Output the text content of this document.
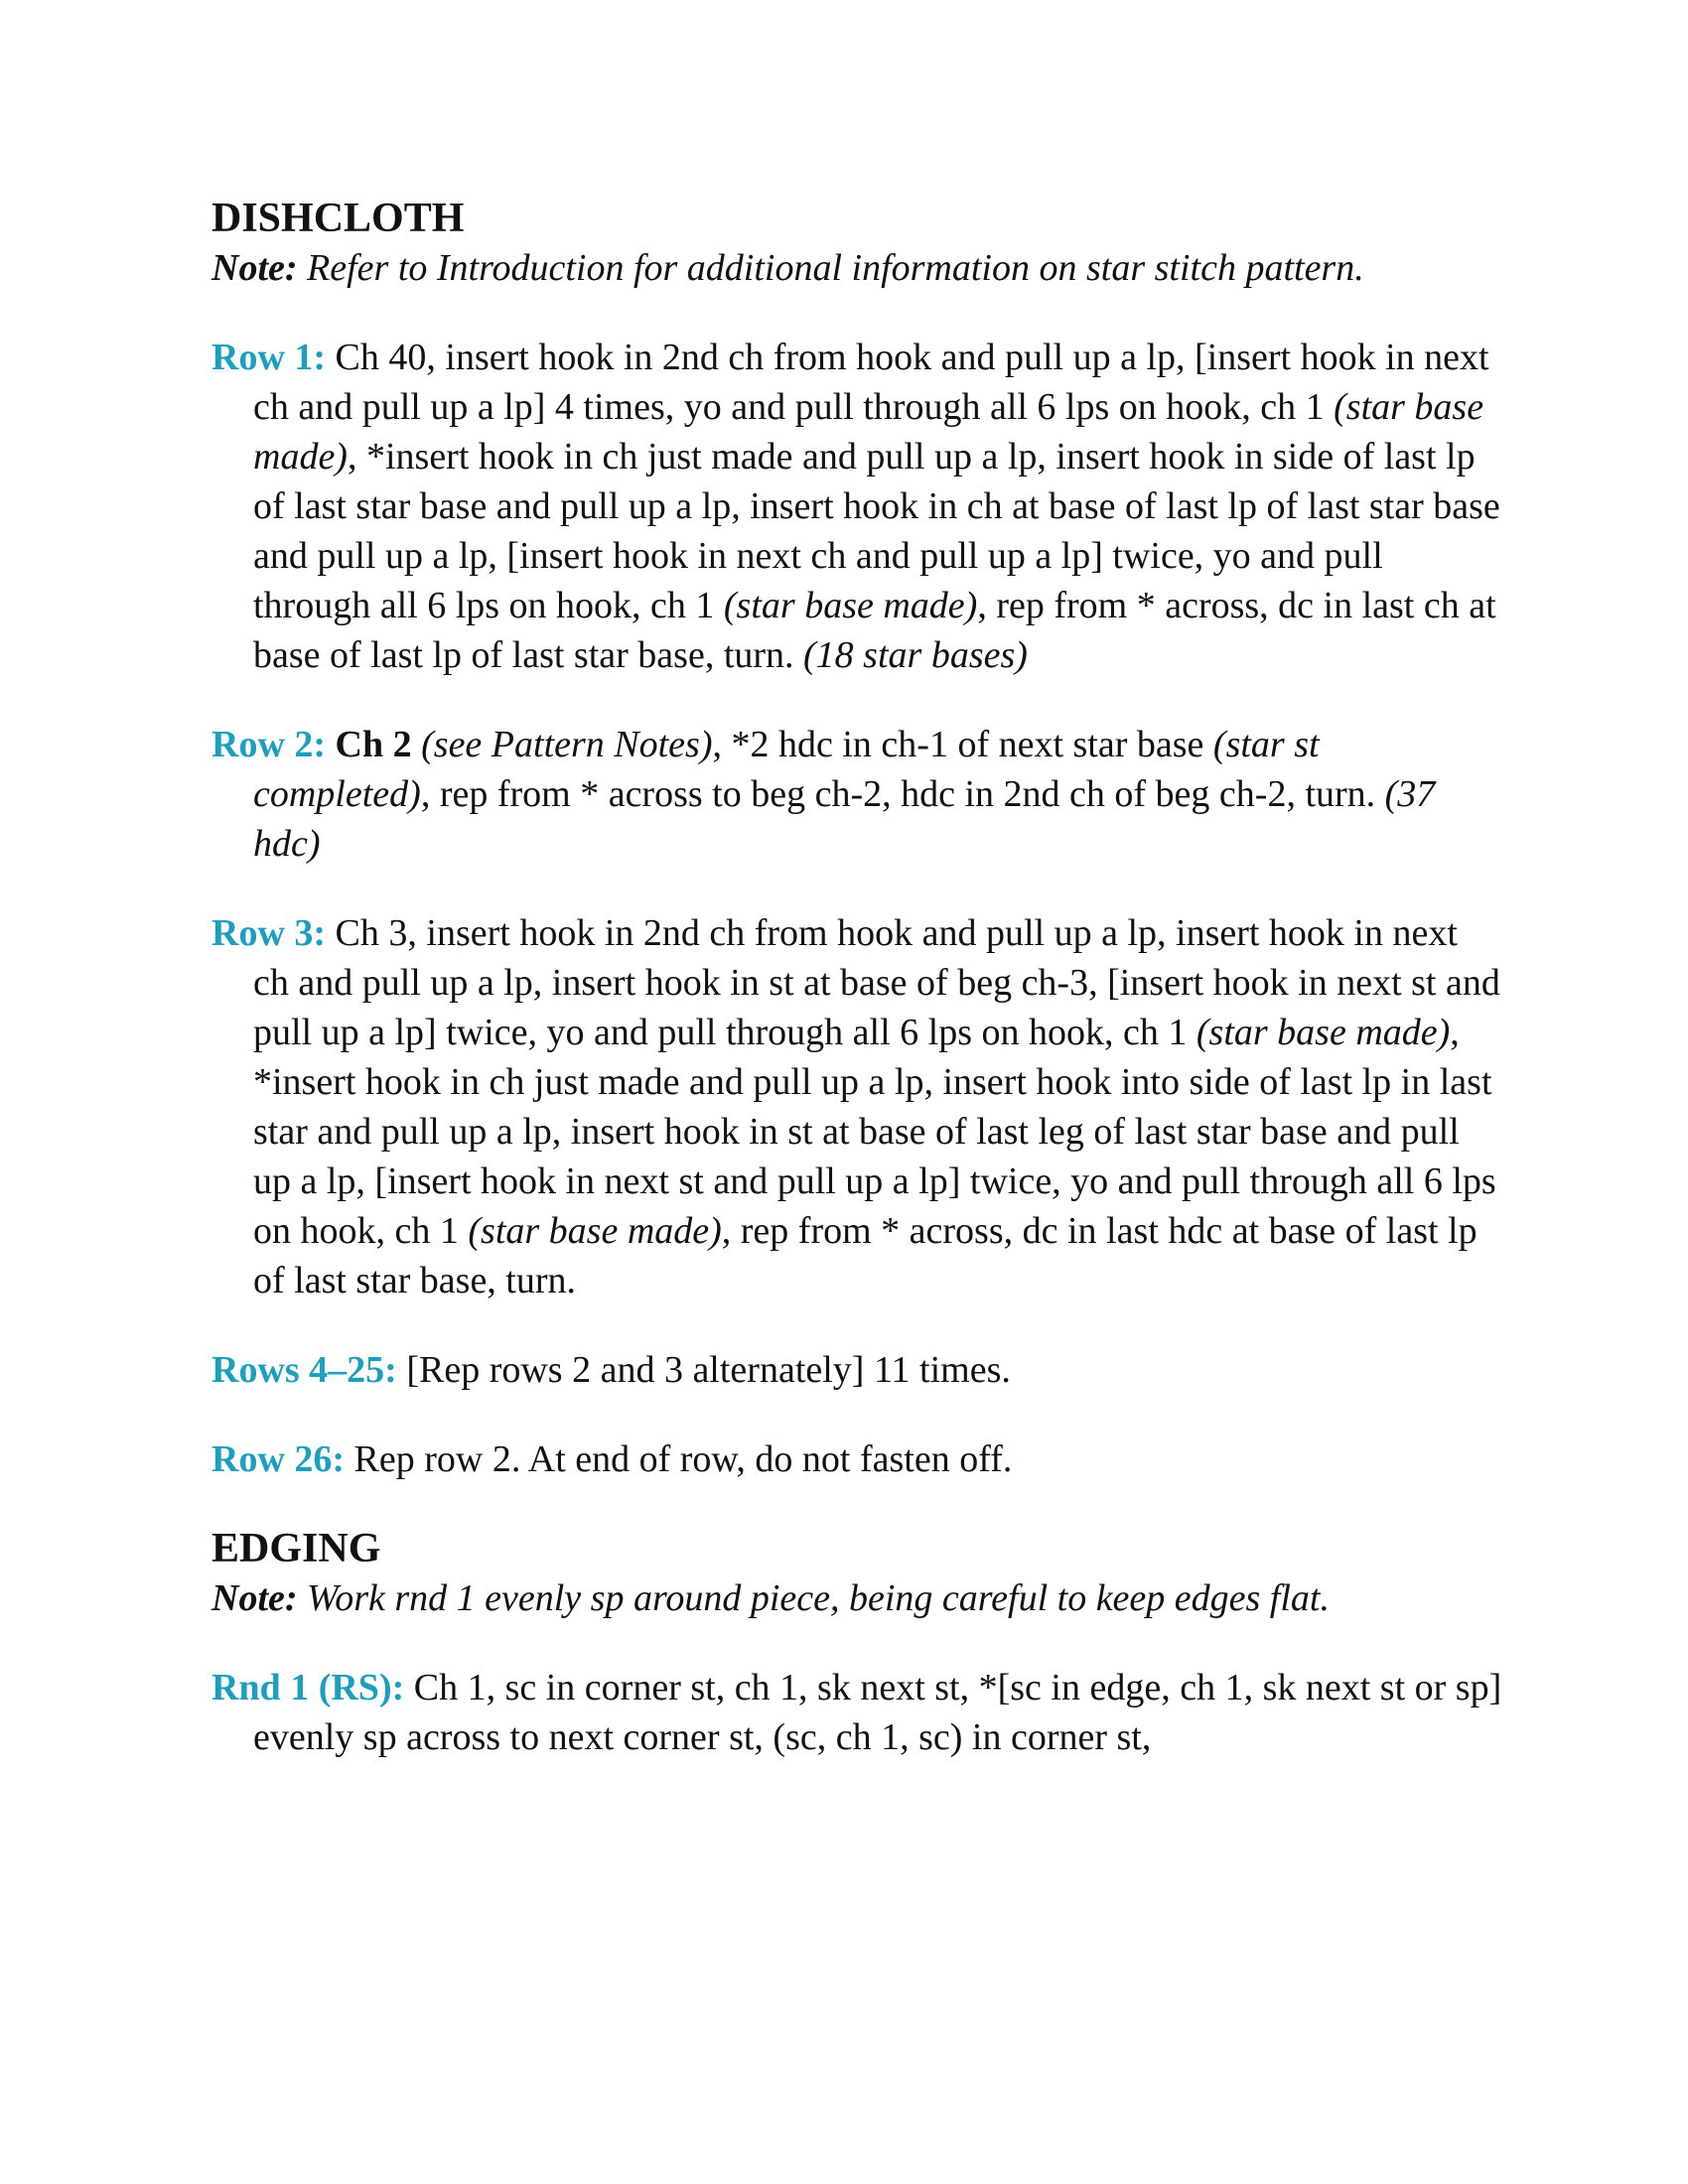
DISHCLOTH

Note: Refer to Introduction for additional information on star stitch pattern.

Row 1: Ch 40, insert hook in 2nd ch from hook and pull up a lp, [insert hook in next ch and pull up a lp] 4 times, yo and pull through all 6 lps on hook, ch 1 (star base made), *insert hook in ch just made and pull up a lp, insert hook in side of last lp of last star base and pull up a lp, insert hook in ch at base of last lp of last star base and pull up a lp, [insert hook in next ch and pull up a lp] twice, yo and pull through all 6 lps on hook, ch 1 (star base made), rep from * across, dc in last ch at base of last lp of last star base, turn. (18 star bases)

Row 2: Ch 2 (see Pattern Notes), *2 hdc in ch-1 of next star base (star st completed), rep from * across to beg ch-2, hdc in 2nd ch of beg ch-2, turn. (37 hdc)

Row 3: Ch 3, insert hook in 2nd ch from hook and pull up a lp, insert hook in next ch and pull up a lp, insert hook in st at base of beg ch-3, [insert hook in next st and pull up a lp] twice, yo and pull through all 6 lps on hook, ch 1 (star base made), *insert hook in ch just made and pull up a lp, insert hook into side of last lp in last star and pull up a lp, insert hook in st at base of last leg of last star base and pull up a lp, [insert hook in next st and pull up a lp] twice, yo and pull through all 6 lps on hook, ch 1 (star base made), rep from * across, dc in last hdc at base of last lp of last star base, turn.

Rows 4–25: [Rep rows 2 and 3 alternately] 11 times.

Row 26: Rep row 2. At end of row, do not fasten off.

EDGING

Note: Work rnd 1 evenly sp around piece, being careful to keep edges flat.

Rnd 1 (RS): Ch 1, sc in corner st, ch 1, sk next st, *[sc in edge, ch 1, sk next st or sp] evenly sp across to next corner st, (sc, ch 1, sc) in corner st,
